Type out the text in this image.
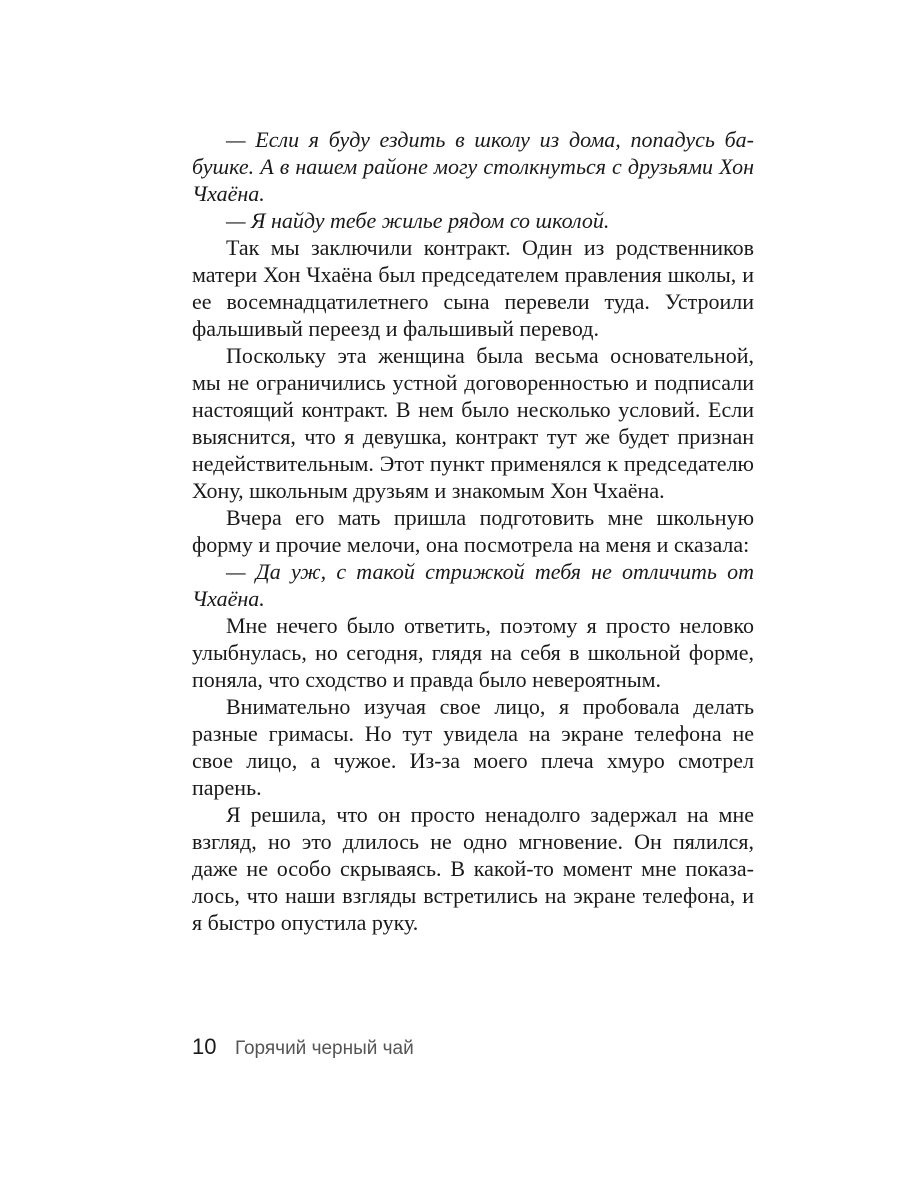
— Если я буду ездить в школу из дома, попадусь бабушке. А в нашем районе могу столкнуться с друзьями Хон Чхаёна.

— Я найду тебе жилье рядом со школой.

Так мы заключили контракт. Один из родственников матери Хон Чхаёна был председателем правления школы, и ее восемнадцатилетнего сына перевели туда. Устроили фальшивый переезд и фальшивый перевод.

Поскольку эта женщина была весьма основательной, мы не ограничились устной договоренностью и подписали настоящий контракт. В нем было несколько условий. Если выяснится, что я девушка, контракт тут же будет признан недействительным. Этот пункт применялся к председателю Хону, школьным друзьям и знакомым Хон Чхаёна.

Вчера его мать пришла подготовить мне школьную форму и прочие мелочи, она посмотрела на меня и сказала:

— Да уж, с такой стрижкой тебя не отличить от Чхаёна.

Мне нечего было ответить, поэтому я просто неловко улыбнулась, но сегодня, глядя на себя в школьной форме, поняла, что сходство и правда было невероятным.

Внимательно изучая свое лицо, я пробовала делать разные гримасы. Но тут увидела на экране телефона не свое лицо, а чужое. Из-за моего плеча хмуро смотрел парень.

Я решила, что он просто ненадолго задержал на мне взгляд, но это длилось не одно мгновение. Он пялился, даже не особо скрываясь. В какой-то момент мне показалось, что наши взгляды встретились на экране телефона, и я быстро опустила руку.

10 Горячий черный чай
